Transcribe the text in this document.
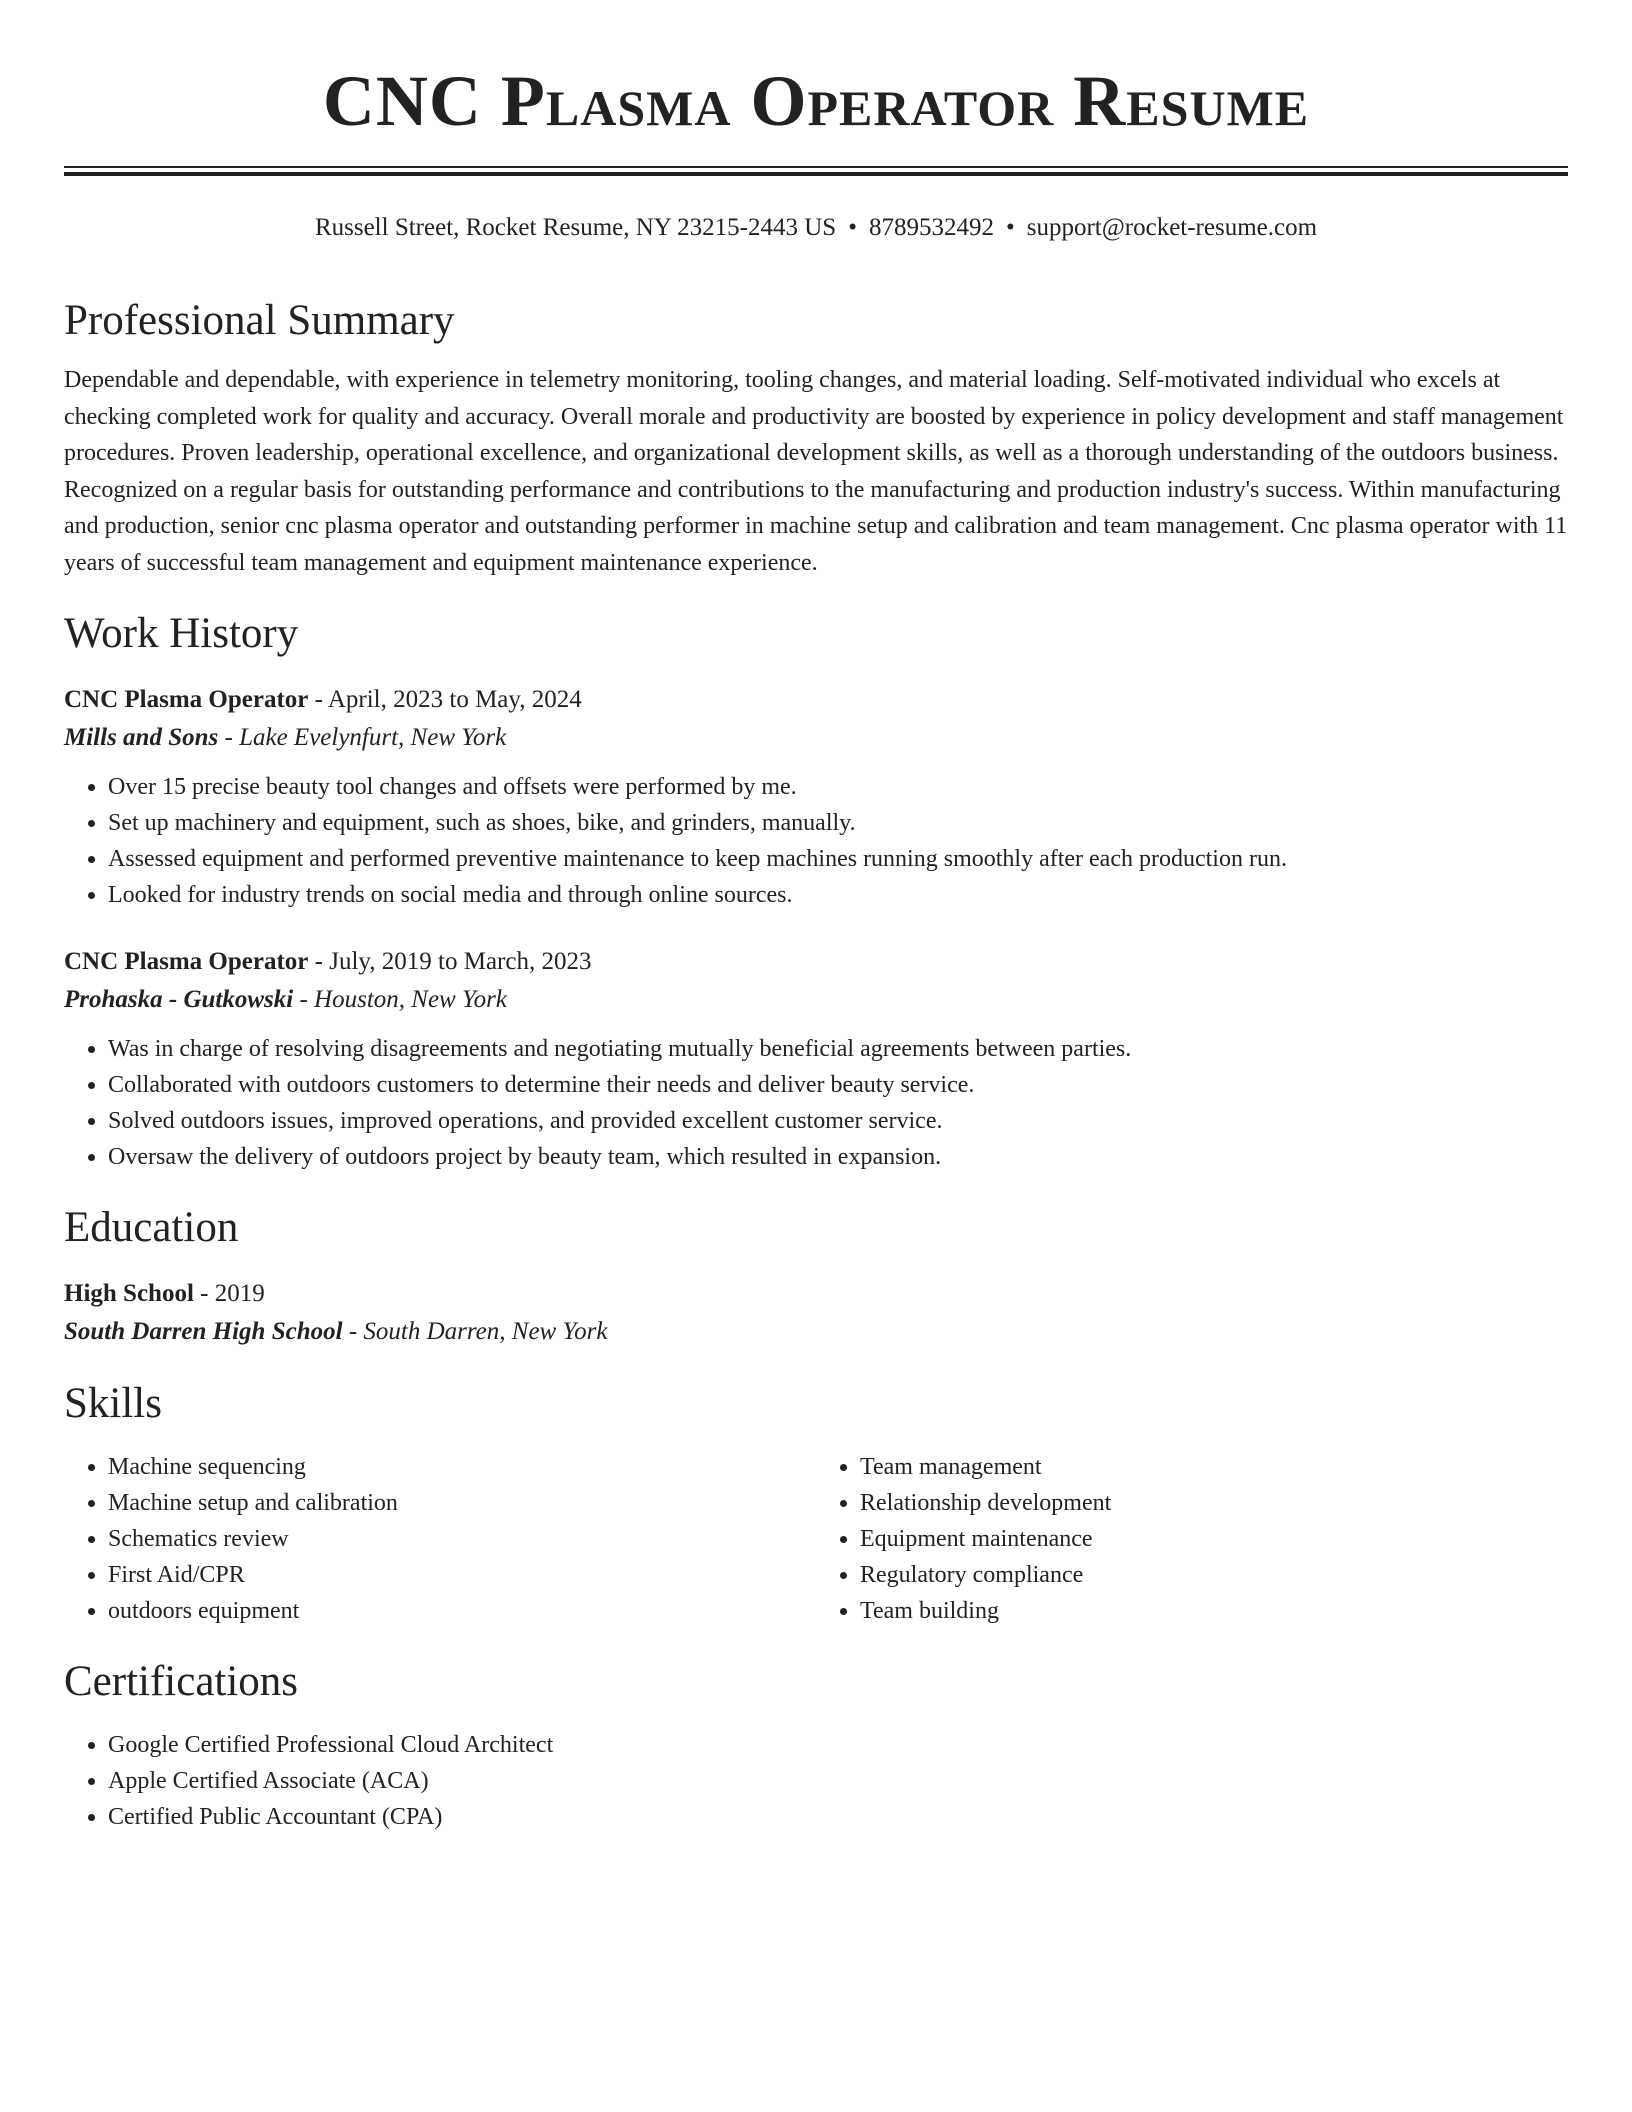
CNC Plasma Operator Resume
Russell Street, Rocket Resume, NY 23215-2443 US • 8789532492 • support@rocket-resume.com
Professional Summary

Dependable and dependable, with experience in telemetry monitoring, tooling changes, and material loading. Self-motivated individual who excels at checking completed work for quality and accuracy. Overall morale and productivity are boosted by experience in policy development and staff management procedures. Proven leadership, operational excellence, and organizational development skills, as well as a thorough understanding of the outdoors business. Recognized on a regular basis for outstanding performance and contributions to the manufacturing and production industry's success. Within manufacturing and production, senior cnc plasma operator and outstanding performer in machine setup and calibration and team management. Cnc plasma operator with 11 years of successful team management and equipment maintenance experience.

Work History
CNC Plasma Operator - April, 2023 to May, 2024
Mills and Sons - Lake Evelynfurt, New York
• Over 15 precise beauty tool changes and offsets were performed by me.
• Set up machinery and equipment, such as shoes, bike, and grinders, manually.
• Assessed equipment and performed preventive maintenance to keep machines running smoothly after each production run.
• Looked for industry trends on social media and through online sources.
CNC Plasma Operator - July, 2019 to March, 2023
Prohaska - Gutkowski - Houston, New York
• Was in charge of resolving disagreements and negotiating mutually beneficial agreements between parties.
• Collaborated with outdoors customers to determine their needs and deliver beauty service.
• Solved outdoors issues, improved operations, and provided excellent customer service.
• Oversaw the delivery of outdoors project by beauty team, which resulted in expansion.
Education
High School - 2019
South Darren High School - South Darren, New York
Skills
• Machine sequencing
• Machine setup and calibration
• Schematics review
• First Aid/CPR
• outdoors equipment
• Team management
• Relationship development
• Equipment maintenance
• Regulatory compliance
• Team building
Certifications
• Google Certified Professional Cloud Architect
• Apple Certified Associate (ACA)
• Certified Public Accountant (CPA)
